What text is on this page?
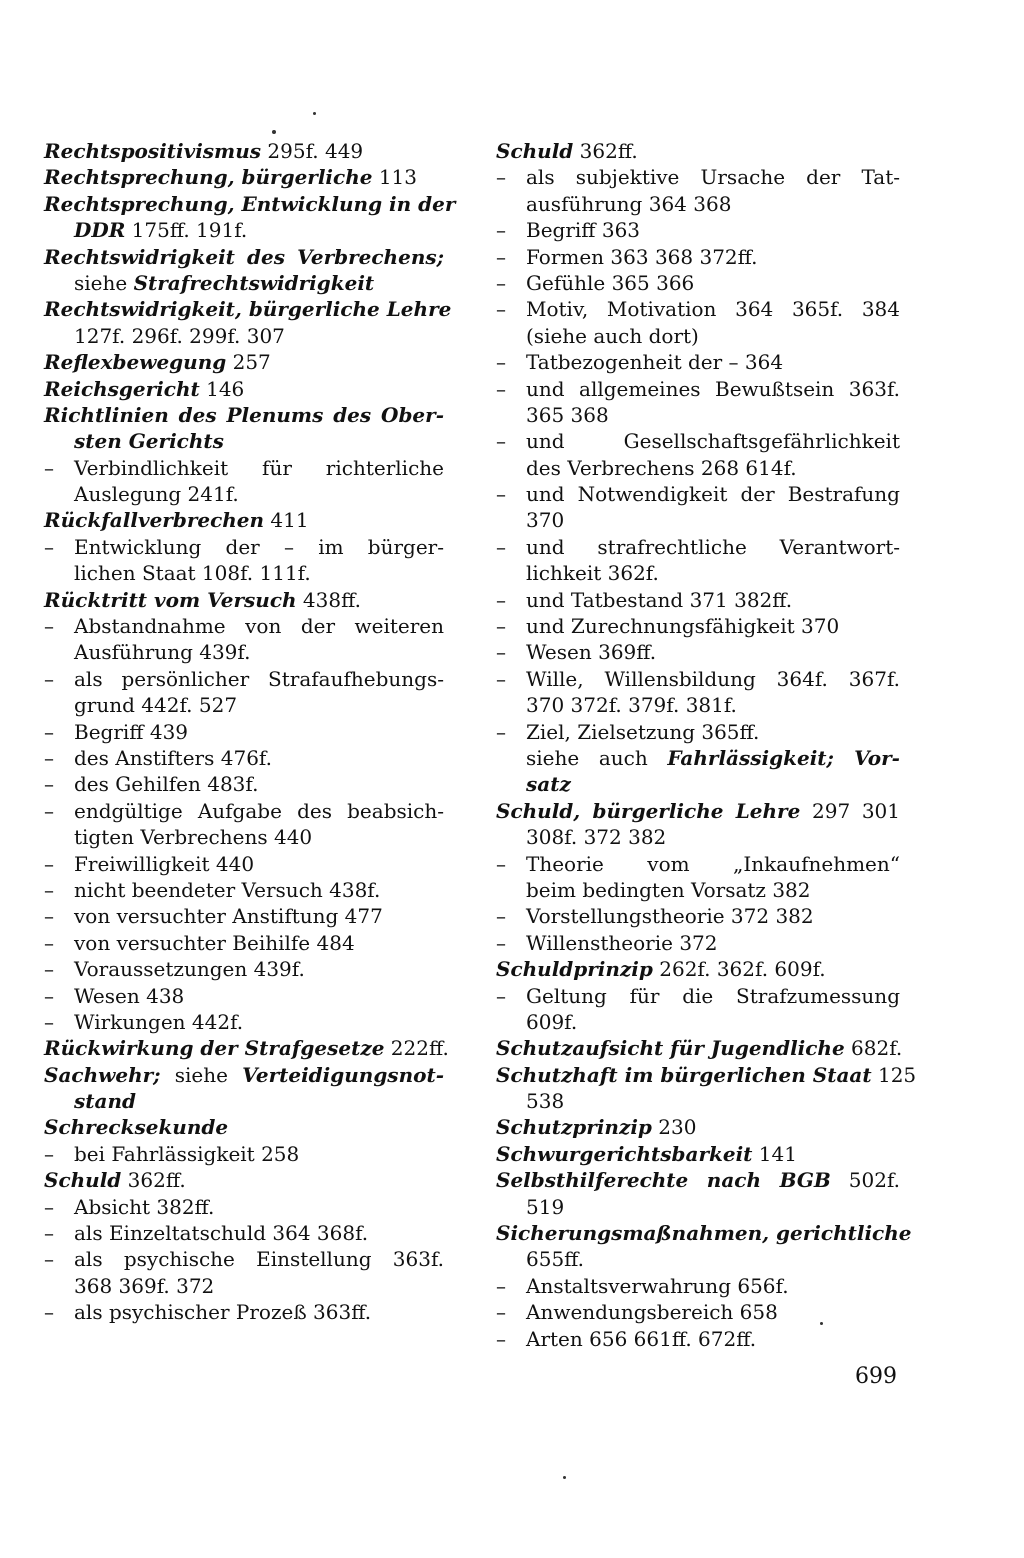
Rechtspositivismus 295f. 449
Rechtsprechung, bürgerliche 113
Rechtsprechung, Entwicklung in der
DDR 175ff. 191f.
Rechtswidrigkeit des Verbrechens;
siehe Strafrechtswidrigkeit
Rechtswidrigkeit, bürgerliche Lehre
127f. 296f. 299f. 307
Reflexbewegung 257
Reichsgericht 146
Richtlinien des Plenums des Ober-
sten Gerichts
– Verbindlichkeit für richterliche
Auslegung 241f.
Rückfallverbrechen 411
– Entwicklung der – im bürger-
lichen Staat 108f. 111f.
Rücktritt vom Versuch 438ff.
– Abstandnahme von der weiteren
Ausführung 439f.
– als persönlicher Strafaufhebungs-
grund 442f. 527
– Begriff 439
– des Anstifters 476f.
– des Gehilfen 483f.
– endgültige Aufgabe des beabsich-
tigten Verbrechens 440
– Freiwilligkeit 440
– nicht beendeter Versuch 438f.
– von versuchter Anstiftung 477
– von versuchter Beihilfe 484
– Voraussetzungen 439f.
– Wesen 438
– Wirkungen 442f.
Rückwirkung der Strafgesetze 222ff.
Sachwehr; siehe Verteidigungsnot-
stand
Schrecksekunde
– bei Fahrlässigkeit 258
Schuld 362ff.
– Absicht 382ff.
– als Einzeltatschuld 364 368f.
– als psychische Einstellung 363f.
368 369f. 372
– als psychischer Prozeß 363ff.
Schuld 362ff.
– als subjektive Ursache der Tat-
ausführung 364 368
– Begriff 363
– Formen 363 368 372ff.
– Gefühle 365 366
– Motiv, Motivation 364 365f. 384
(siehe auch dort)
– Tatbezogenheit der – 364
– und allgemeines Bewußtsein 363f.
365 368
– und Gesellschaftsgefährlichkeit
des Verbrechens 268 614f.
– und Notwendigkeit der Bestrafung
370
– und strafrechtliche Verantwort-
lichkeit 362f.
– und Tatbestand 371 382ff.
– und Zurechnungsfähigkeit 370
– Wesen 369ff.
– Wille, Willensbildung 364f. 367f.
370 372f. 379f. 381f.
– Ziel, Zielsetzung 365ff.
siehe auch Fahrlässigkeit; Vor-
satz
Schuld, bürgerliche Lehre 297 301
308f. 372 382
– Theorie vom „Inkaufnehmen“
beim bedingten Vorsatz 382
– Vorstellungstheorie 372 382
– Willenstheorie 372
Schuldprinzip 262f. 362f. 609f.
– Geltung für die Strafzumessung
609f.
Schutzaufsicht für Jugendliche 682f.
Schutzhaft im bürgerlichen Staat 125
538
Schutzprinzip 230
Schwurgerichtsbarkeit 141
Selbsthilferechte nach BGB 502f.
519
Sicherungsmaßnahmen, gerichtliche
655ff.
– Anstaltsverwahrung 656f.
– Anwendungsbereich 658
– Arten 656 661ff. 672ff.
699
